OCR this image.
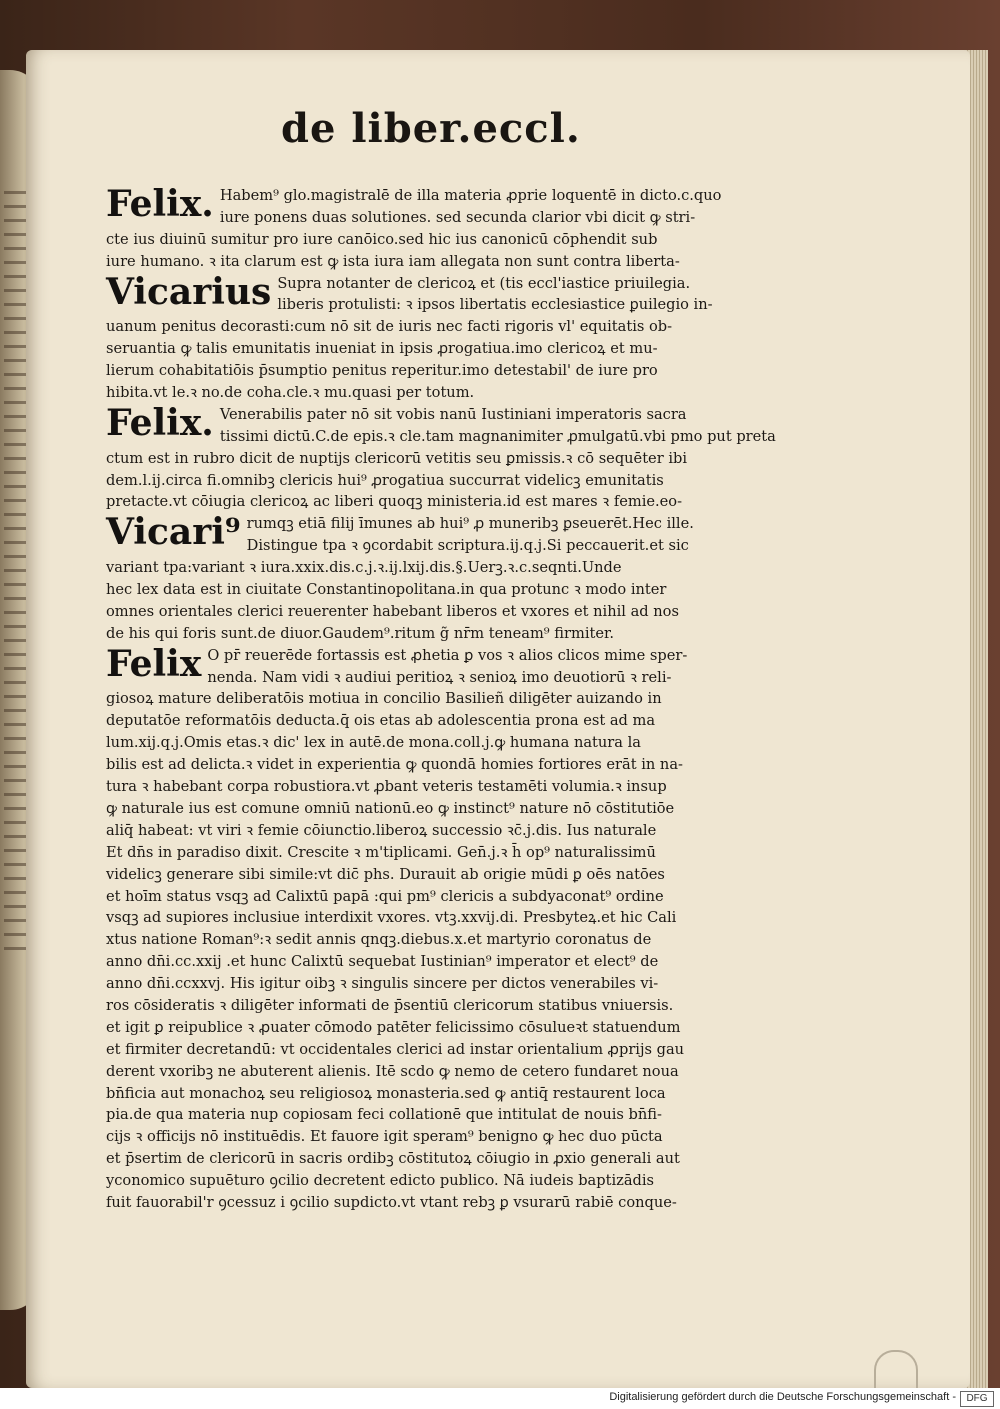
de liber.eccl.
Felix. Habem⁹ glo.magistralē de illa materia ꝓprie loquentē in dicto.c.quo
iure ponens duas solutiones. sed secunda clarior vbi dicit ꝙ stri-
cte ius diuinū sumitur pro iure canōico.sed hic ius canonicū cōphendit sub
iure humano. ꝛ ita clarum est ꝙ ista iura iam allegata non sunt contra liberta-
Vicarius Supra notanter de clericoꝝ et (tis eccl'iastice priuilegia.
liberis protulisti: ꝛ ipsos libertatis ecclesiastice ꝑuilegio in-
uanum penitus decorasti:cum nō sit de iuris nec facti rigoris vl' equitatis ob-
seruantia ꝙ talis emunitatis inueniat in ipsis ꝓrogatiua.imo clericoꝝ et mu-
lierum cohabitatiōis p̄sumptio penitus reperitur.imo detestabil' de iure pro
hibita.vt le.ꝛ no.de coha.cle.ꝛ mu.quasi per totum.
Felix. Venerabilis pater nō sit vobis nanū Iustiniani imperatoris sacra
tissimi dictū.C.de epis.ꝛ cle.tam magnanimiter ꝓmulgatū.vbi pmo put preta
ctum est in rubro dicit de nuptijs clericorū vetitis seu ꝑmissis.ꝛ cō sequēter ibi
dem.l.ij.circa fi.omnibꝫ clericis hui⁹ ꝓrogatiua succurrat videlicꝫ emunitatis
pretacte.vt cōiugia clericoꝝ ac liberi quoqꝫ ministeria.id est mares ꝛ femie.eo-
Vicari⁹ rumqꝫ etiā filij īmunes ab hui⁹ ꝓ muneribꝫ ꝑseuerēt.Hec ille.
Distingue tpa ꝛ ꝯcordabit scriptura.ij.q.j.Si peccauerit.et sic
variant tpa:variant ꝛ iura.xxix.dis.c.j.ꝛ.ij.lxij.dis.§.Uerꝫ.ꝛ.c.seqnti.Unde
hec lex data est in ciuitate Constantinopolitana.in qua protunc ꝛ modo inter
omnes orientales clerici reuerenter habebant liberos et vxores et nihil ad nos
de his qui foris sunt.de diuor.Gaudem⁹.ritum g̃ nr̄m teneam⁹ firmiter.
Felix O pr̄ reuerēde fortassis est ꝓhetia ꝑ vos ꝛ alios clicos mime sper-
nenda. Nam vidi ꝛ audiui peritioꝝ ꝛ senioꝝ imo deuotiorū ꝛ reli-
giosoꝝ mature deliberatōis motiua in concilio Basilieñ diligēter auizando in
deputatōe reformatōis deducta.q̄ ois etas ab adolescentia prona est ad ma
lum.xij.q.j.Omis etas.ꝛ dic' lex in autē.de mona.coll.j.ꝙ humana natura la
bilis est ad delicta.ꝛ videt in experientia ꝙ quondā homies fortiores erāt in na-
tura ꝛ habebant corpa robustiora.vt ꝓbant veteris testamēti volumia.ꝛ insup
ꝙ naturale ius est comune omniū nationū.eo ꝙ instinct⁹ nature nō cōstitutiōe
aliq̄ habeat: vt viri ꝛ femie cōiunctio.liberoꝝ successio ꝛc̄.j.dis. Ius naturale
Et dn̄s in paradiso dixit. Crescite ꝛ m'tiplicami. Gen̄.j.ꝛ h̄ op⁹ naturalissimū
videlicꝫ generare sibi simile:vt dic̄ phs. Durauit ab origie mūdi ꝑ oēs natōes
et hoīm status vsqꝫ ad Calixtū papā :qui pm⁹ clericis a subdyaconat⁹ ordine
vsqꝫ ad supiores inclusiue interdixit vxores. vtꝫ.xxvij.di. Presbyteꝝ.et hic Cali
xtus natione Roman⁹:ꝛ sedit annis qnqꝫ.diebus.x.et martyrio coronatus de
anno dn̄i.cc.xxij .et hunc Calixtū sequebat Iustinian⁹ imperator et elect⁹ de
anno dn̄i.ccxxvj. His igitur oibꝫ ꝛ singulis sincere per dictos venerabiles vi-
ros cōsideratis ꝛ diligēter informati de p̄sentiū clericorum statibus vniuersis.
et igit ꝑ reipublice ꝛ ꝓuater cōmodo patēter felicissimo cōsulueꝛt statuendum
et firmiter decretandū: vt occidentales clerici ad instar orientalium ꝓprijs gau
derent vxoribꝫ ne abuterent alienis. Itē scdo ꝙ nemo de cetero fundaret noua
bn̄ficia aut monachoꝝ seu religiosoꝝ monasteria.sed ꝙ antiq̄ restaurent loca
pia.de qua materia nup copiosam feci collationē que intitulat de nouis bn̄fi-
cijs ꝛ officijs nō instituēdis. Et fauore igit speram⁹ benigno ꝙ hec duo pūcta
et p̄sertim de clericorū in sacris ordibꝫ cōstitutoꝝ cōiugio in ꝓxio generali aut
yconomico supuēturo ꝯcilio decretent edicto publico. Nā iudeis baptizādis
fuit fauorabil'r ꝯcessuz i ꝯcilio supdicto.vt vtant rebꝫ ꝑ vsurarū rabiē conque-
Digitalisierung gefördert durch die Deutsche Forschungsgemeinschaft -	DFG
